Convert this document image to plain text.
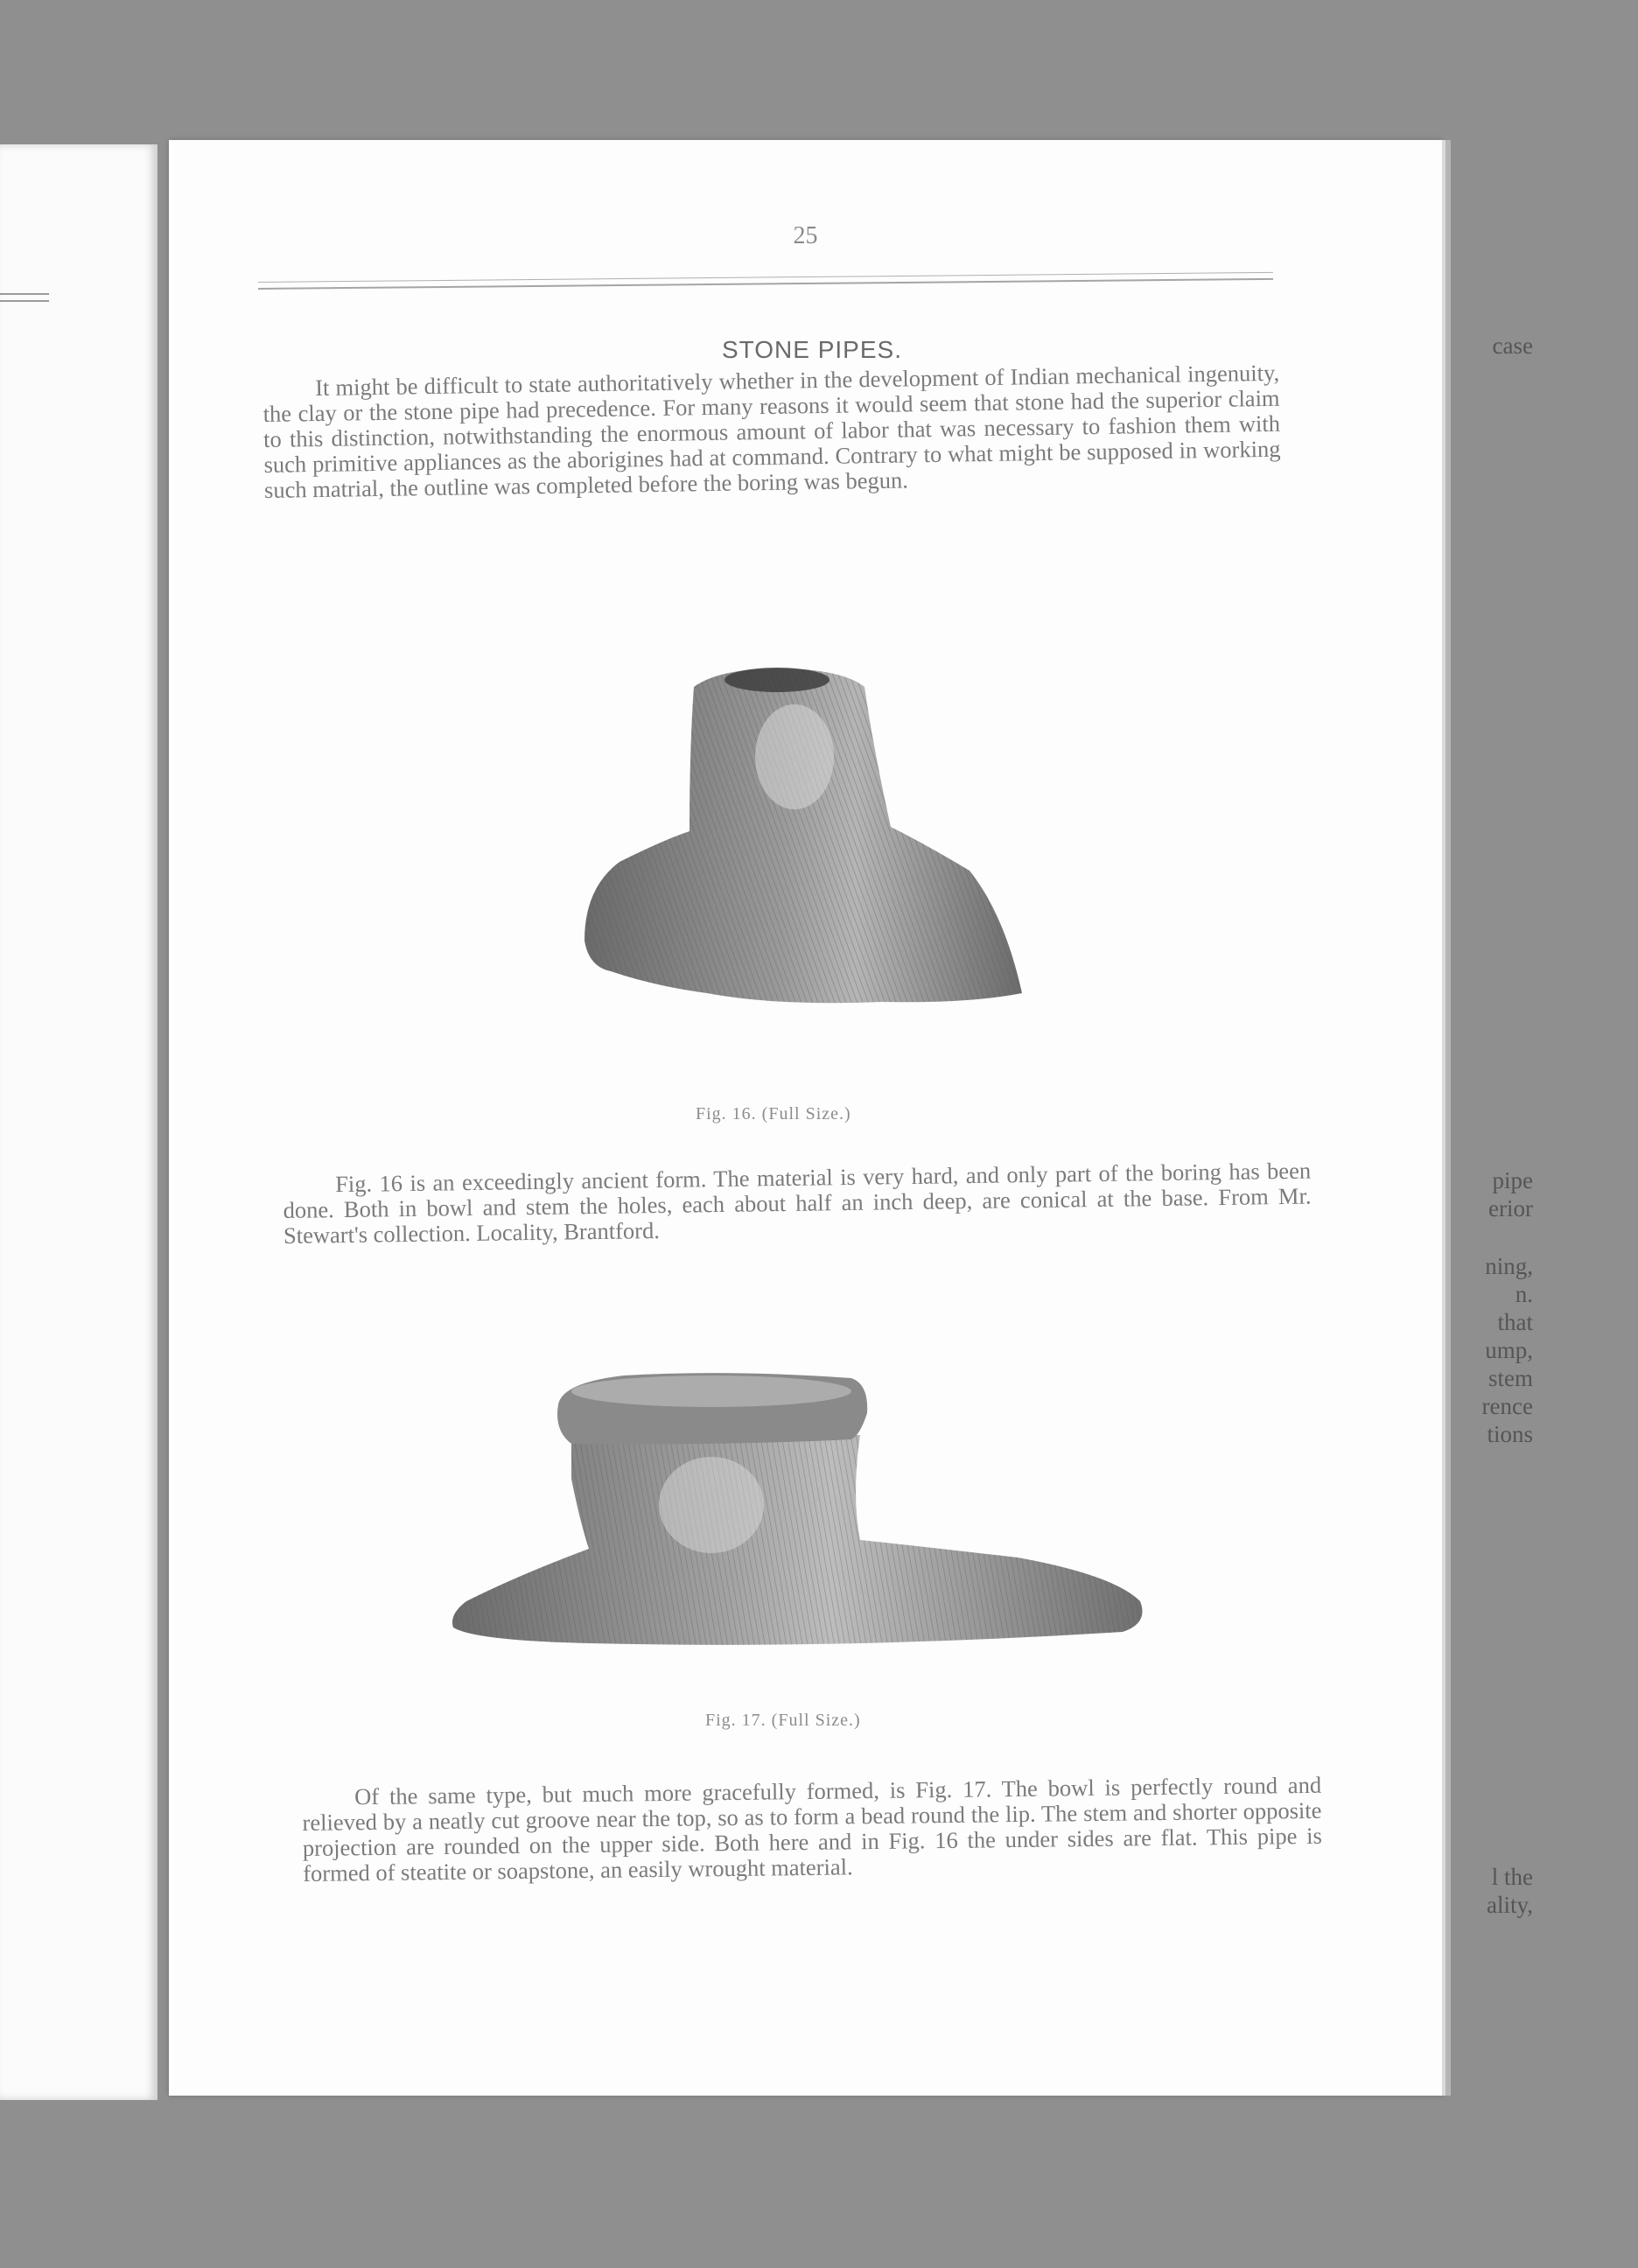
case
pipe
erior
ning,
n.
that
ump,
stem
rence
tions
l the
ality,
25
STONE PIPES.

It might be difficult to state authoritatively whether in the development of Indian mechanical ingenuity, the clay or the stone pipe had precedence. For many reasons it would seem that stone had the superior claim to this distinction, notwithstanding the enormous amount of labor that was necessary to fashion them with such primitive appliances as the aborigines had at command. Contrary to what might be supposed in working such matrial, the outline was completed before the boring was begun.

Fig. 16. (Full Size.)

Fig. 16 is an exceedingly ancient form. The material is very hard, and only part of the boring has been done. Both in bowl and stem the holes, each about half an inch deep, are conical at the base. From Mr. Stewart's collection. Locality, Brantford.

Fig. 17. (Full Size.)

Of the same type, but much more gracefully formed, is Fig. 17. The bowl is perfectly round and relieved by a neatly cut groove near the top, so as to form a bead round the lip. The stem and shorter opposite projection are rounded on the upper side. Both here and in Fig. 16 the under sides are flat. This pipe is formed of steatite or soapstone, an easily wrought material.
